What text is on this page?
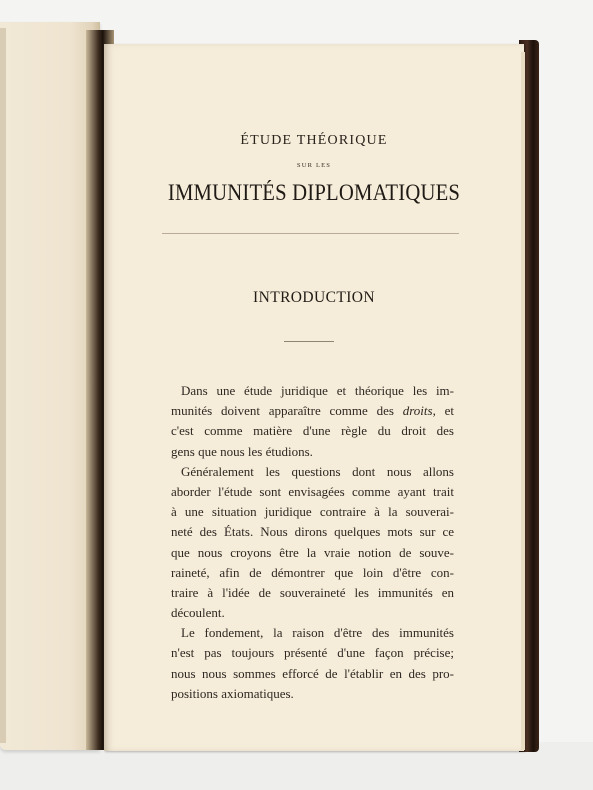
ÉTUDE THÉORIQUE
SUR LES
IMMUNITÉS DIPLOMATIQUES
INTRODUCTION
Dans une étude juridique et théorique les im-
munités doivent apparaître comme des droits, et
c'est comme matière d'une règle du droit des
gens que nous les étudions.
Généralement les questions dont nous allons
aborder l'étude sont envisagées comme ayant trait
à une situation juridique contraire à la souverai-
neté des États. Nous dirons quelques mots sur ce
que nous croyons être la vraie notion de souve-
raineté, afin de démontrer que loin d'être con-
traire à l'idée de souveraineté les immunités en
découlent.
Le fondement, la raison d'être des immunités
n'est pas toujours présenté d'une façon précise;
nous nous sommes efforcé de l'établir en des pro-
positions axiomatiques.
